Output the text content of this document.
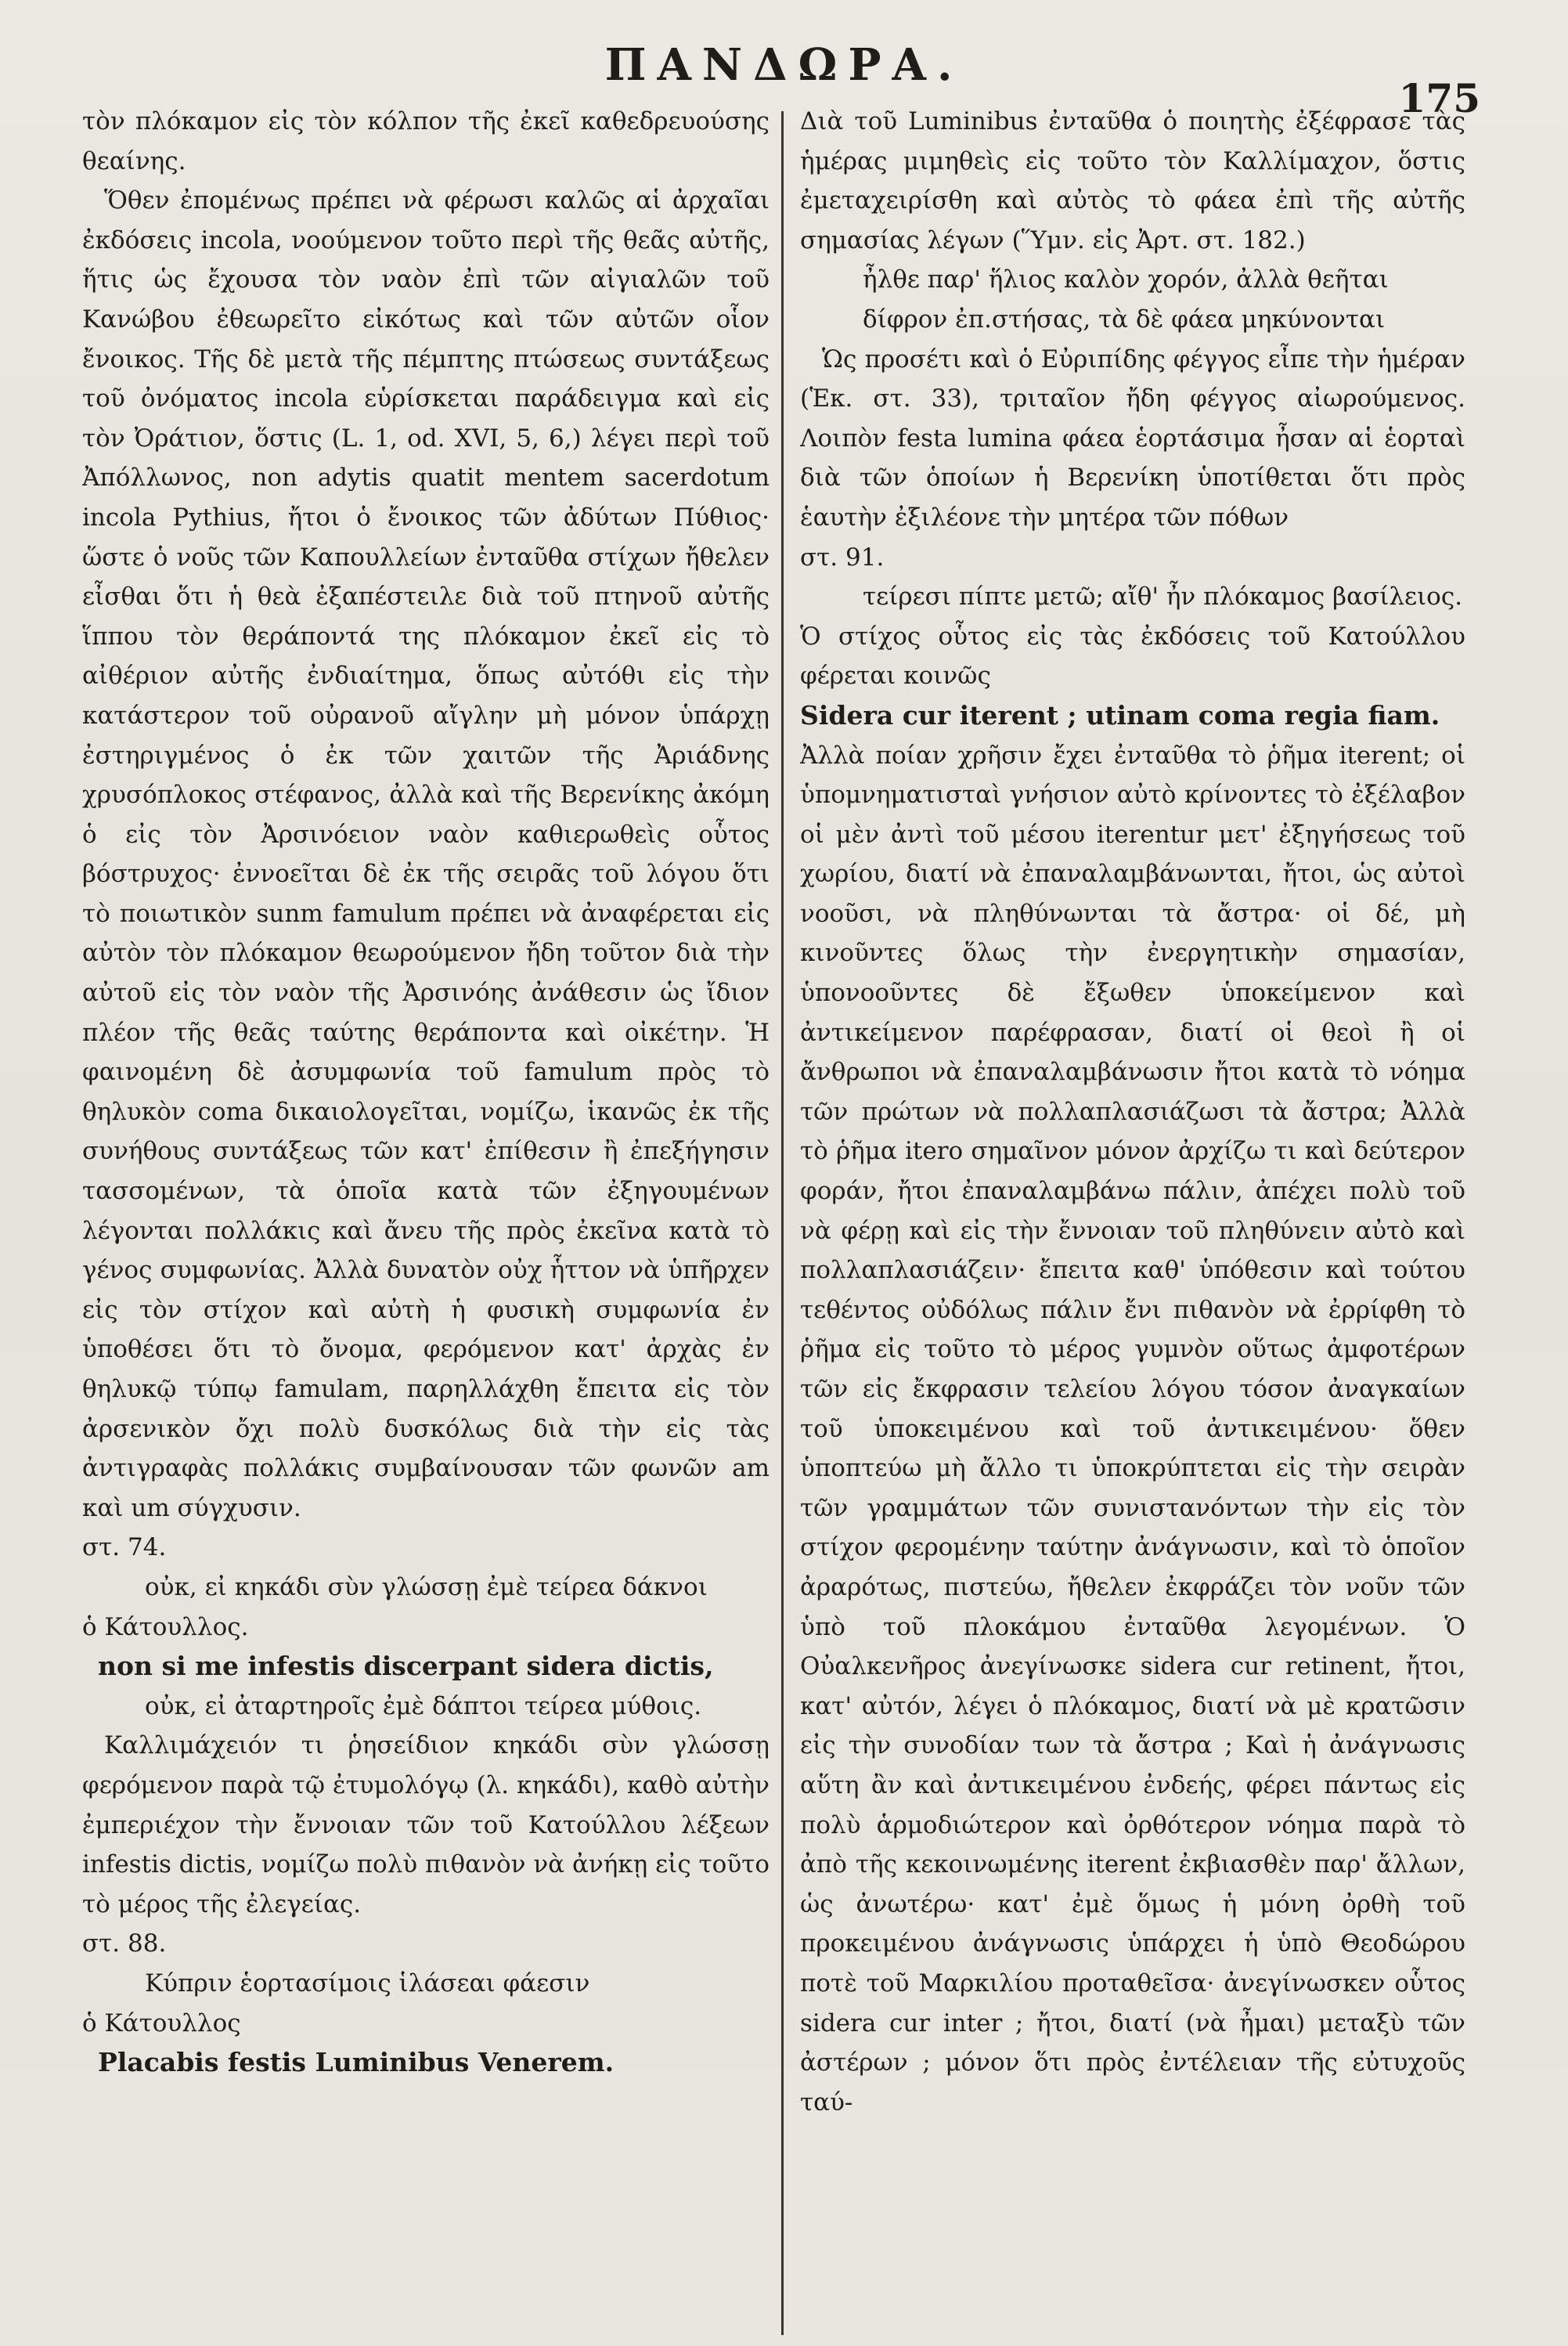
ΠΑΝΔΩΡΑ.
175

τὸν πλόκαμον εἰς τὸν κόλπον τῆς ἐκεῖ καθεδρευούσης θεαίνης.

Ὅθεν ἐπομένως πρέπει νὰ φέρωσι καλῶς αἱ ἀρχαῖαι ἐκδόσεις incola, νοούμενον τοῦτο περὶ τῆς θεᾶς αὐτῆς, ἥτις ὡς ἔχουσα τὸν ναὸν ἐπὶ τῶν αἰγιαλῶν τοῦ Κανώβου ἐθεωρεῖτο εἰκότως καὶ τῶν αὐτῶν οἷον ἔνοικος. Τῆς δὲ μετὰ τῆς πέμπτης πτώσεως συντάξεως τοῦ ὀνόματος incola εὑρίσκεται παράδειγμα καὶ εἰς τὸν Ὀράτιον, ὅστις (L. 1, od. XVI, 5, 6,) λέγει περὶ τοῦ Ἀπόλλωνος, non adytis quatit mentem sacerdotum incola Pythius, ἤτοι ὁ ἔνοικος τῶν ἀδύτων Πύθιος· ὥστε ὁ νοῦς τῶν Καπουλλείων ἐνταῦθα στίχων ἤθελεν εἶσθαι ὅτι ἡ θεὰ ἐξαπέστειλε διὰ τοῦ πτηνοῦ αὐτῆς ἵππου τὸν θεράποντά της πλόκαμον ἐκεῖ εἰς τὸ αἰθέριον αὐτῆς ἐνδιαίτημα, ὅπως αὐτόθι εἰς τὴν κατάστερον τοῦ οὐρανοῦ αἴγλην μὴ μόνον ὑπάρχῃ ἐστηριγμένος ὁ ἐκ τῶν χαιτῶν τῆς Ἀριάδνης χρυσόπλοκος στέφανος, ἀλλὰ καὶ τῆς Βερενίκης ἀκόμη ὁ εἰς τὸν Ἀρσινόειον ναὸν καθιερωθεὶς οὗτος βόστρυχος· ἐννοεῖται δὲ ἐκ τῆς σειρᾶς τοῦ λόγου ὅτι τὸ ποιωτικὸν sunm famulum πρέπει νὰ ἀναφέρεται εἰς αὐτὸν τὸν πλόκαμον θεωρούμενον ἤδη τοῦτον διὰ τὴν αὐτοῦ εἰς τὸν ναὸν τῆς Ἀρσινόης ἀνάθεσιν ὡς ἴδιον πλέον τῆς θεᾶς ταύτης θεράποντα καὶ οἰκέτην. Ἡ φαινομένη δὲ ἀσυμφωνία τοῦ famulum πρὸς τὸ θηλυκὸν coma δικαιολογεῖται, νομίζω, ἱκανῶς ἐκ τῆς συνήθους συντάξεως τῶν κατ' ἐπίθεσιν ἢ ἐπεξήγησιν τασσομένων, τὰ ὁποῖα κατὰ τῶν ἐξηγουμένων λέγονται πολλάκις καὶ ἄνευ τῆς πρὸς ἐκεῖνα κατὰ τὸ γένος συμφωνίας. Ἀλλὰ δυνατὸν οὐχ ἧττον νὰ ὑπῆρχεν εἰς τὸν στίχον καὶ αὐτὴ ἡ φυσικὴ συμφωνία ἐν ὑποθέσει ὅτι τὸ ὄνομα, φερόμενον κατ' ἀρχὰς ἐν θηλυκῷ τύπῳ famulam, παρηλλάχθη ἔπειτα εἰς τὸν ἀρσενικὸν ὄχι πολὺ δυσκόλως διὰ τὴν εἰς τὰς ἀντιγραφὰς πολλάκις συμβαίνουσαν τῶν φωνῶν am καὶ um σύγχυσιν.

στ. 74.

οὐκ, εἰ κηκάδι σὺν γλώσσῃ ἐμὲ τείρεα δάκνοι

ὁ Κάτουλλος.

non si me infestis discerpant sidera dictis,

οὐκ, εἰ ἀταρτηροῖς ἐμὲ δάπτοι τείρεα μύθοις.

Καλλιμάχειόν τι ῥησείδιον κηκάδι σὺν γλώσσῃ φερόμενον παρὰ τῷ ἐτυμολόγῳ (λ. κηκάδι), καθὸ αὐτὴν ἐμπεριέχον τὴν ἔννοιαν τῶν τοῦ Κατούλλου λέξεων infestis dictis, νομίζω πολὺ πιθανὸν νὰ ἀνήκῃ εἰς τοῦτο τὸ μέρος τῆς ἐλεγείας.

στ. 88.

Κύπριν ἑορτασίμοις ἱλάσεαι φάεσιν

ὁ Κάτουλλος

Placabis festis Luminibus Venerem.

Διὰ τοῦ Luminibus ἐνταῦθα ὁ ποιητὴς ἐξέφρασε τὰς ἡμέρας μιμηθεὶς εἰς τοῦτο τὸν Καλλίμαχον, ὅστις ἐμεταχειρίσθη καὶ αὐτὸς τὸ φάεα ἐπὶ τῆς αὐτῆς σημασίας λέγων (Ὕμν. εἰς Ἀρτ. στ. 182.)

ἦλθε παρ' ἥλιος καλὸν χορόν, ἀλλὰ θεῆται

δίφρον ἐπ.στήσας, τὰ δὲ φάεα μηκύνονται

Ὡς προσέτι καὶ ὁ Εὐριπίδης φέγγος εἶπε τὴν ἡμέραν (Ἑκ. στ. 33), τριταῖον ἤδη φέγγος αἰωρούμενος. Λοιπὸν festa lumina φάεα ἑορτάσιμα ἦσαν αἱ ἑορταὶ διὰ τῶν ὁποίων ἡ Βερενίκη ὑποτίθεται ὅτι πρὸς ἑαυτὴν ἐξιλέονε τὴν μητέρα τῶν πόθων

στ. 91.

τείρεσι πίπτε μετῶ; αἴθ' ἦν πλόκαμος βασίλειος.

Ὁ στίχος οὗτος εἰς τὰς ἐκδόσεις τοῦ Κατούλλου φέρεται κοινῶς

Sidera cur iterent ; utinam coma regia fiam.

Ἀλλὰ ποίαν χρῆσιν ἔχει ἐνταῦθα τὸ ῥῆμα iterent; οἱ ὑπομνηματισταὶ γνήσιον αὐτὸ κρίνοντες τὸ ἐξέλαβον οἱ μὲν ἀντὶ τοῦ μέσου iterentur μετ' ἐξηγήσεως τοῦ χωρίου, διατί νὰ ἐπαναλαμβάνωνται, ἤτοι, ὡς αὐτοὶ νοοῦσι, νὰ πληθύνωνται τὰ ἄστρα· οἱ δέ, μὴ κινοῦντες ὅλως τὴν ἐνεργητικὴν σημασίαν, ὑπονοοῦντες δὲ ἔξωθεν ὑποκείμενον καὶ ἀντικείμενον παρέφρασαν, διατί οἱ θεοὶ ἢ οἱ ἄνθρωποι νὰ ἐπαναλαμβάνωσιν ἤτοι κατὰ τὸ νόημα τῶν πρώτων νὰ πολλαπλασιάζωσι τὰ ἄστρα; Ἀλλὰ τὸ ῥῆμα itero σημαῖνον μόνον ἀρχίζω τι καὶ δεύτερον φοράν, ἤτοι ἐπαναλαμβάνω πάλιν, ἀπέχει πολὺ τοῦ νὰ φέρῃ καὶ εἰς τὴν ἔννοιαν τοῦ πληθύνειν αὐτὸ καὶ πολλαπλασιάζειν· ἔπειτα καθ' ὑπόθεσιν καὶ τούτου τεθέντος οὐδόλως πάλιν ἔνι πιθανὸν νὰ ἐρρίφθη τὸ ῥῆμα εἰς τοῦτο τὸ μέρος γυμνὸν οὕτως ἀμφοτέρων τῶν εἰς ἔκφρασιν τελείου λόγου τόσον ἀναγκαίων τοῦ ὑποκειμένου καὶ τοῦ ἀντικειμένου· ὅθεν ὑποπτεύω μὴ ἄλλο τι ὑποκρύπτεται εἰς τὴν σειρὰν τῶν γραμμάτων τῶν συνιστανόντων τὴν εἰς τὸν στίχον φερομένην ταύτην ἀνάγνωσιν, καὶ τὸ ὁποῖον ἀραρότως, πιστεύω, ἤθελεν ἐκφράζει τὸν νοῦν τῶν ὑπὸ τοῦ πλοκάμου ἐνταῦθα λεγομένων. Ὁ Οὐαλκενῆρος ἀνεγίνωσκε sidera cur retinent, ἤτοι, κατ' αὐτόν, λέγει ὁ πλόκαμος, διατί νὰ μὲ κρατῶσιν εἰς τὴν συνοδίαν των τὰ ἄστρα ; Καὶ ἡ ἀνάγνωσις αὕτη ἂν καὶ ἀντικειμένου ἐνδεής, φέρει πάντως εἰς πολὺ ἁρμοδιώτερον καὶ ὀρθότερον νόημα παρὰ τὸ ἀπὸ τῆς κεκοινωμένης iterent ἐκβιασθὲν παρ' ἄλλων, ὡς ἀνωτέρω· κατ' ἐμὲ ὅμως ἡ μόνη ὀρθὴ τοῦ προκειμένου ἀνάγνωσις ὑπάρχει ἡ ὑπὸ Θεοδώρου ποτὲ τοῦ Μαρκιλίου προταθεῖσα· ἀνεγίνωσκεν οὗτος sidera cur inter ; ἤτοι, διατί (νὰ ἦμαι) μεταξὺ τῶν ἀστέρων ; μόνον ὅτι πρὸς ἐντέλειαν τῆς εὐτυχοῦς ταύ-
